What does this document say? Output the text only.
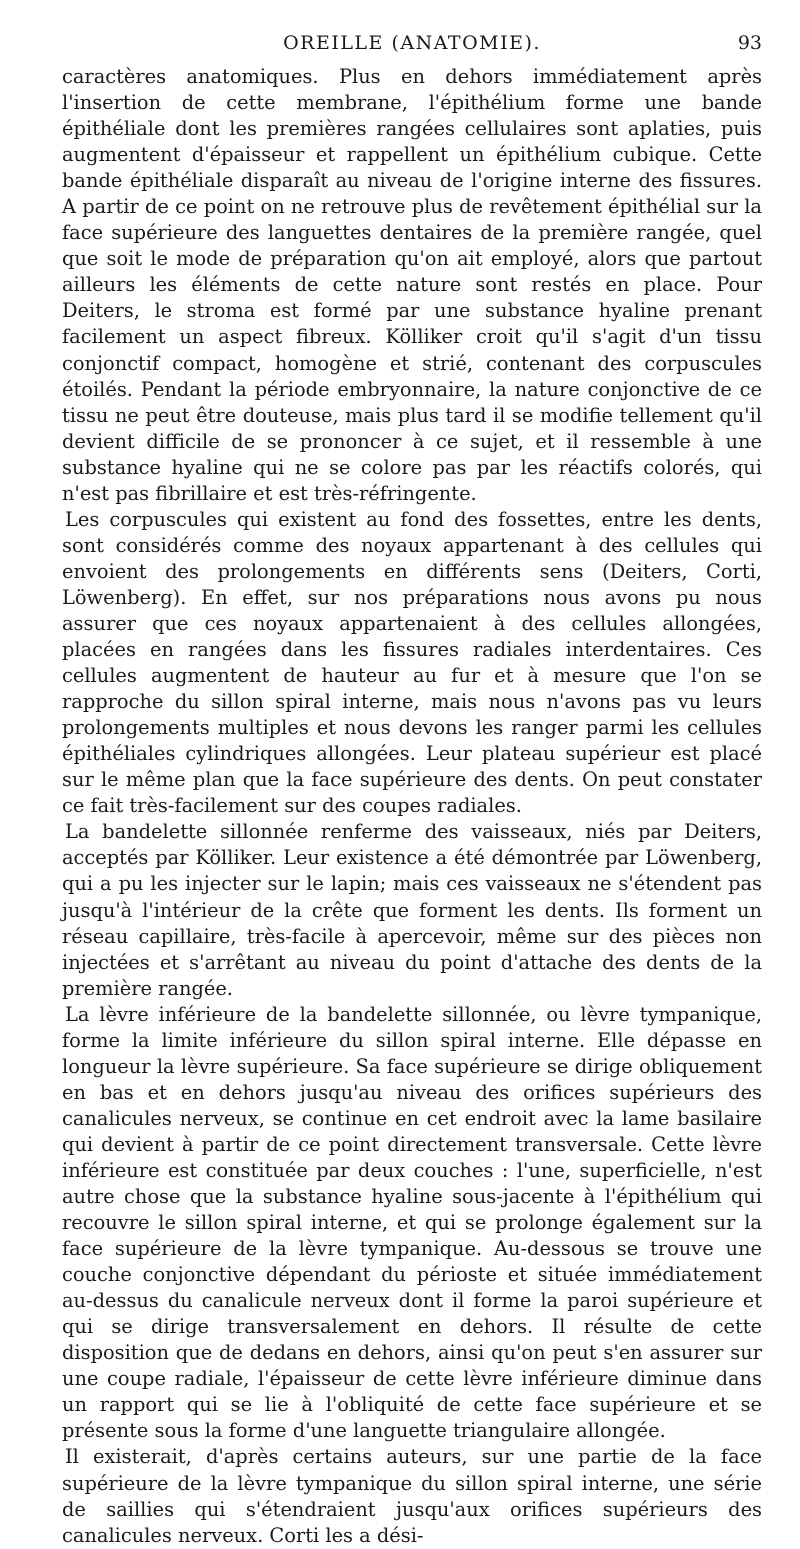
OREILLE (ANATOMIE).	93

caractères anatomiques. Plus en dehors immédiatement après l'insertion de cette membrane, l'épithélium forme une bande épithéliale dont les premières rangées cellulaires sont aplaties, puis augmentent d'épaisseur et rappellent un épithélium cubique. Cette bande épithéliale disparaît au niveau de l'origine interne des fissures. A partir de ce point on ne retrouve plus de revêtement épithélial sur la face supérieure des languettes dentaires de la première rangée, quel que soit le mode de préparation qu'on ait employé, alors que partout ailleurs les éléments de cette nature sont restés en place. Pour Deiters, le stroma est formé par une substance hyaline prenant facilement un aspect fibreux. Kölliker croit qu'il s'agit d'un tissu conjonctif compact, homogène et strié, contenant des corpuscules étoilés. Pendant la période embryonnaire, la nature conjonctive de ce tissu ne peut être douteuse, mais plus tard il se modifie tellement qu'il devient difficile de se prononcer à ce sujet, et il ressemble à une substance hyaline qui ne se colore pas par les réactifs colorés, qui n'est pas fibrillaire et est très-réfringente.

Les corpuscules qui existent au fond des fossettes, entre les dents, sont considérés comme des noyaux appartenant à des cellules qui envoient des prolongements en différents sens (Deiters, Corti, Löwenberg). En effet, sur nos préparations nous avons pu nous assurer que ces noyaux appartenaient à des cellules allongées, placées en rangées dans les fissures radiales interdentaires. Ces cellules augmentent de hauteur au fur et à mesure que l'on se rapproche du sillon spiral interne, mais nous n'avons pas vu leurs prolongements multiples et nous devons les ranger parmi les cellules épithéliales cylindriques allongées. Leur plateau supérieur est placé sur le même plan que la face supérieure des dents. On peut constater ce fait très-facilement sur des coupes radiales.

La bandelette sillonnée renferme des vaisseaux, niés par Deiters, acceptés par Kölliker. Leur existence a été démontrée par Löwenberg, qui a pu les injecter sur le lapin; mais ces vaisseaux ne s'étendent pas jusqu'à l'intérieur de la crête que forment les dents. Ils forment un réseau capillaire, très-facile à apercevoir, même sur des pièces non injectées et s'arrêtant au niveau du point d'attache des dents de la première rangée.

La lèvre inférieure de la bandelette sillonnée, ou lèvre tympanique, forme la limite inférieure du sillon spiral interne. Elle dépasse en longueur la lèvre supérieure. Sa face supérieure se dirige obliquement en bas et en dehors jusqu'au niveau des orifices supérieurs des canalicules nerveux, se continue en cet endroit avec la lame basilaire qui devient à partir de ce point directement transversale. Cette lèvre inférieure est constituée par deux couches : l'une, superficielle, n'est autre chose que la substance hyaline sous-jacente à l'épithélium qui recouvre le sillon spiral interne, et qui se prolonge également sur la face supérieure de la lèvre tympanique. Au-dessous se trouve une couche conjonctive dépendant du périoste et située immédiatement au-dessus du canalicule nerveux dont il forme la paroi supérieure et qui se dirige transversalement en dehors. Il résulte de cette disposition que de dedans en dehors, ainsi qu'on peut s'en assurer sur une coupe radiale, l'épaisseur de cette lèvre inférieure diminue dans un rapport qui se lie à l'obliquité de cette face supérieure et se présente sous la forme d'une languette triangulaire allongée.

Il existerait, d'après certains auteurs, sur une partie de la face supérieure de la lèvre tympanique du sillon spiral interne, une série de saillies qui s'étendraient jusqu'aux orifices supérieurs des canalicules nerveux. Corti les a dési-
